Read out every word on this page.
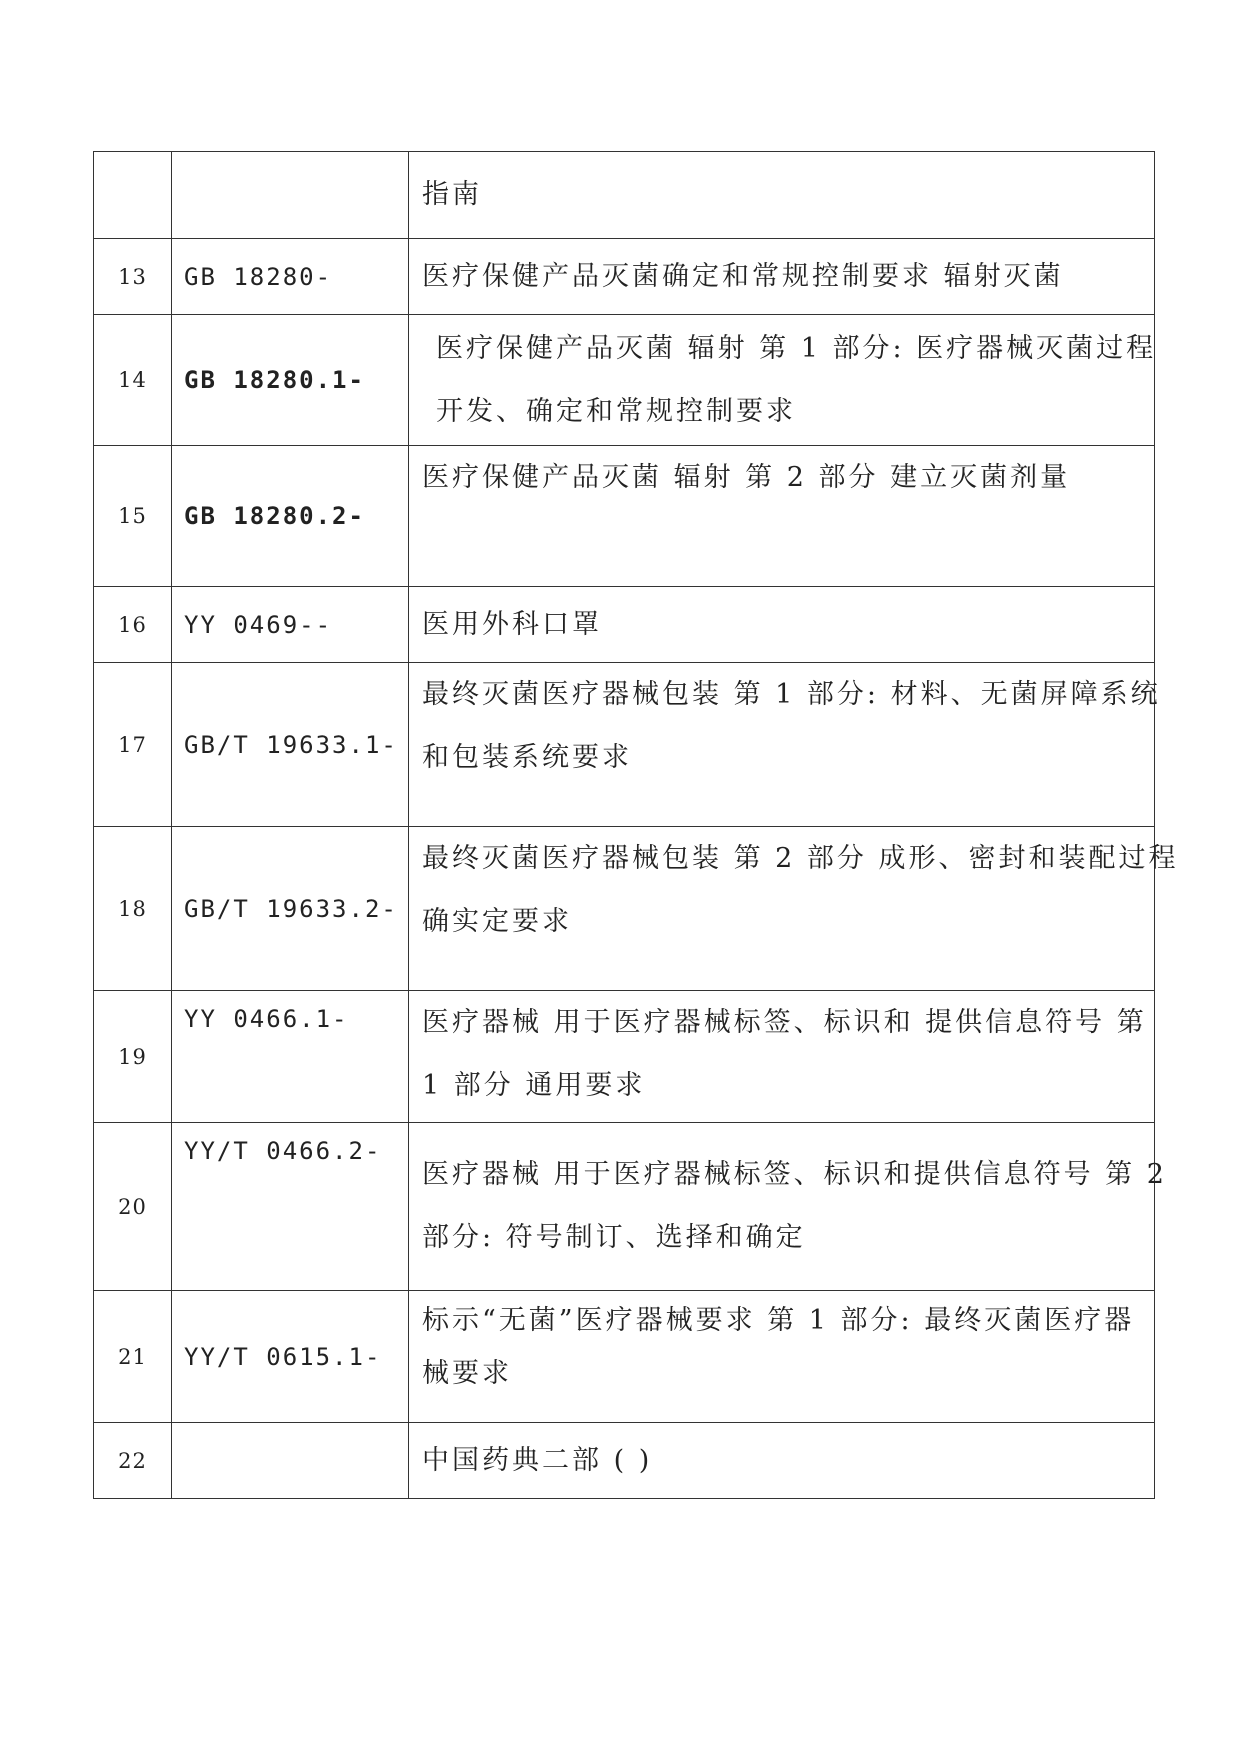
		指南

13	GB 18280-	医疗保健产品灭菌确定和常规控制要求 辐射灭菌

14	GB 18280.1-	医疗保健产品灭菌 辐射 第 1 部分: 医疗器械灭菌过程
开发、确定和常规控制要求

15	GB 18280.2-	医疗保健产品灭菌 辐射 第 2 部分 建立灭菌剂量

16	YY 0469--	医用外科口罩

17	GB/T 19633.1-	最终灭菌医疗器械包装 第 1 部分: 材料、无菌屏障系统
和包装系统要求

18	GB/T 19633.2-	最终灭菌医疗器械包装 第 2 部分 成形、密封和装配过程
确实定要求

19	YY 0466.1-	医疗器械 用于医疗器械标签、标识和 提供信息符号 第
1 部分 通用要求

20	YY/T 0466.2-	医疗器械 用于医疗器械标签、标识和提供信息符号 第 2
部分: 符号制订、选择和确定

21	YY/T 0615.1-	标示“无菌”医疗器械要求 第 1 部分: 最终灭菌医疗器
械要求

22		中国药典二部 ( )
